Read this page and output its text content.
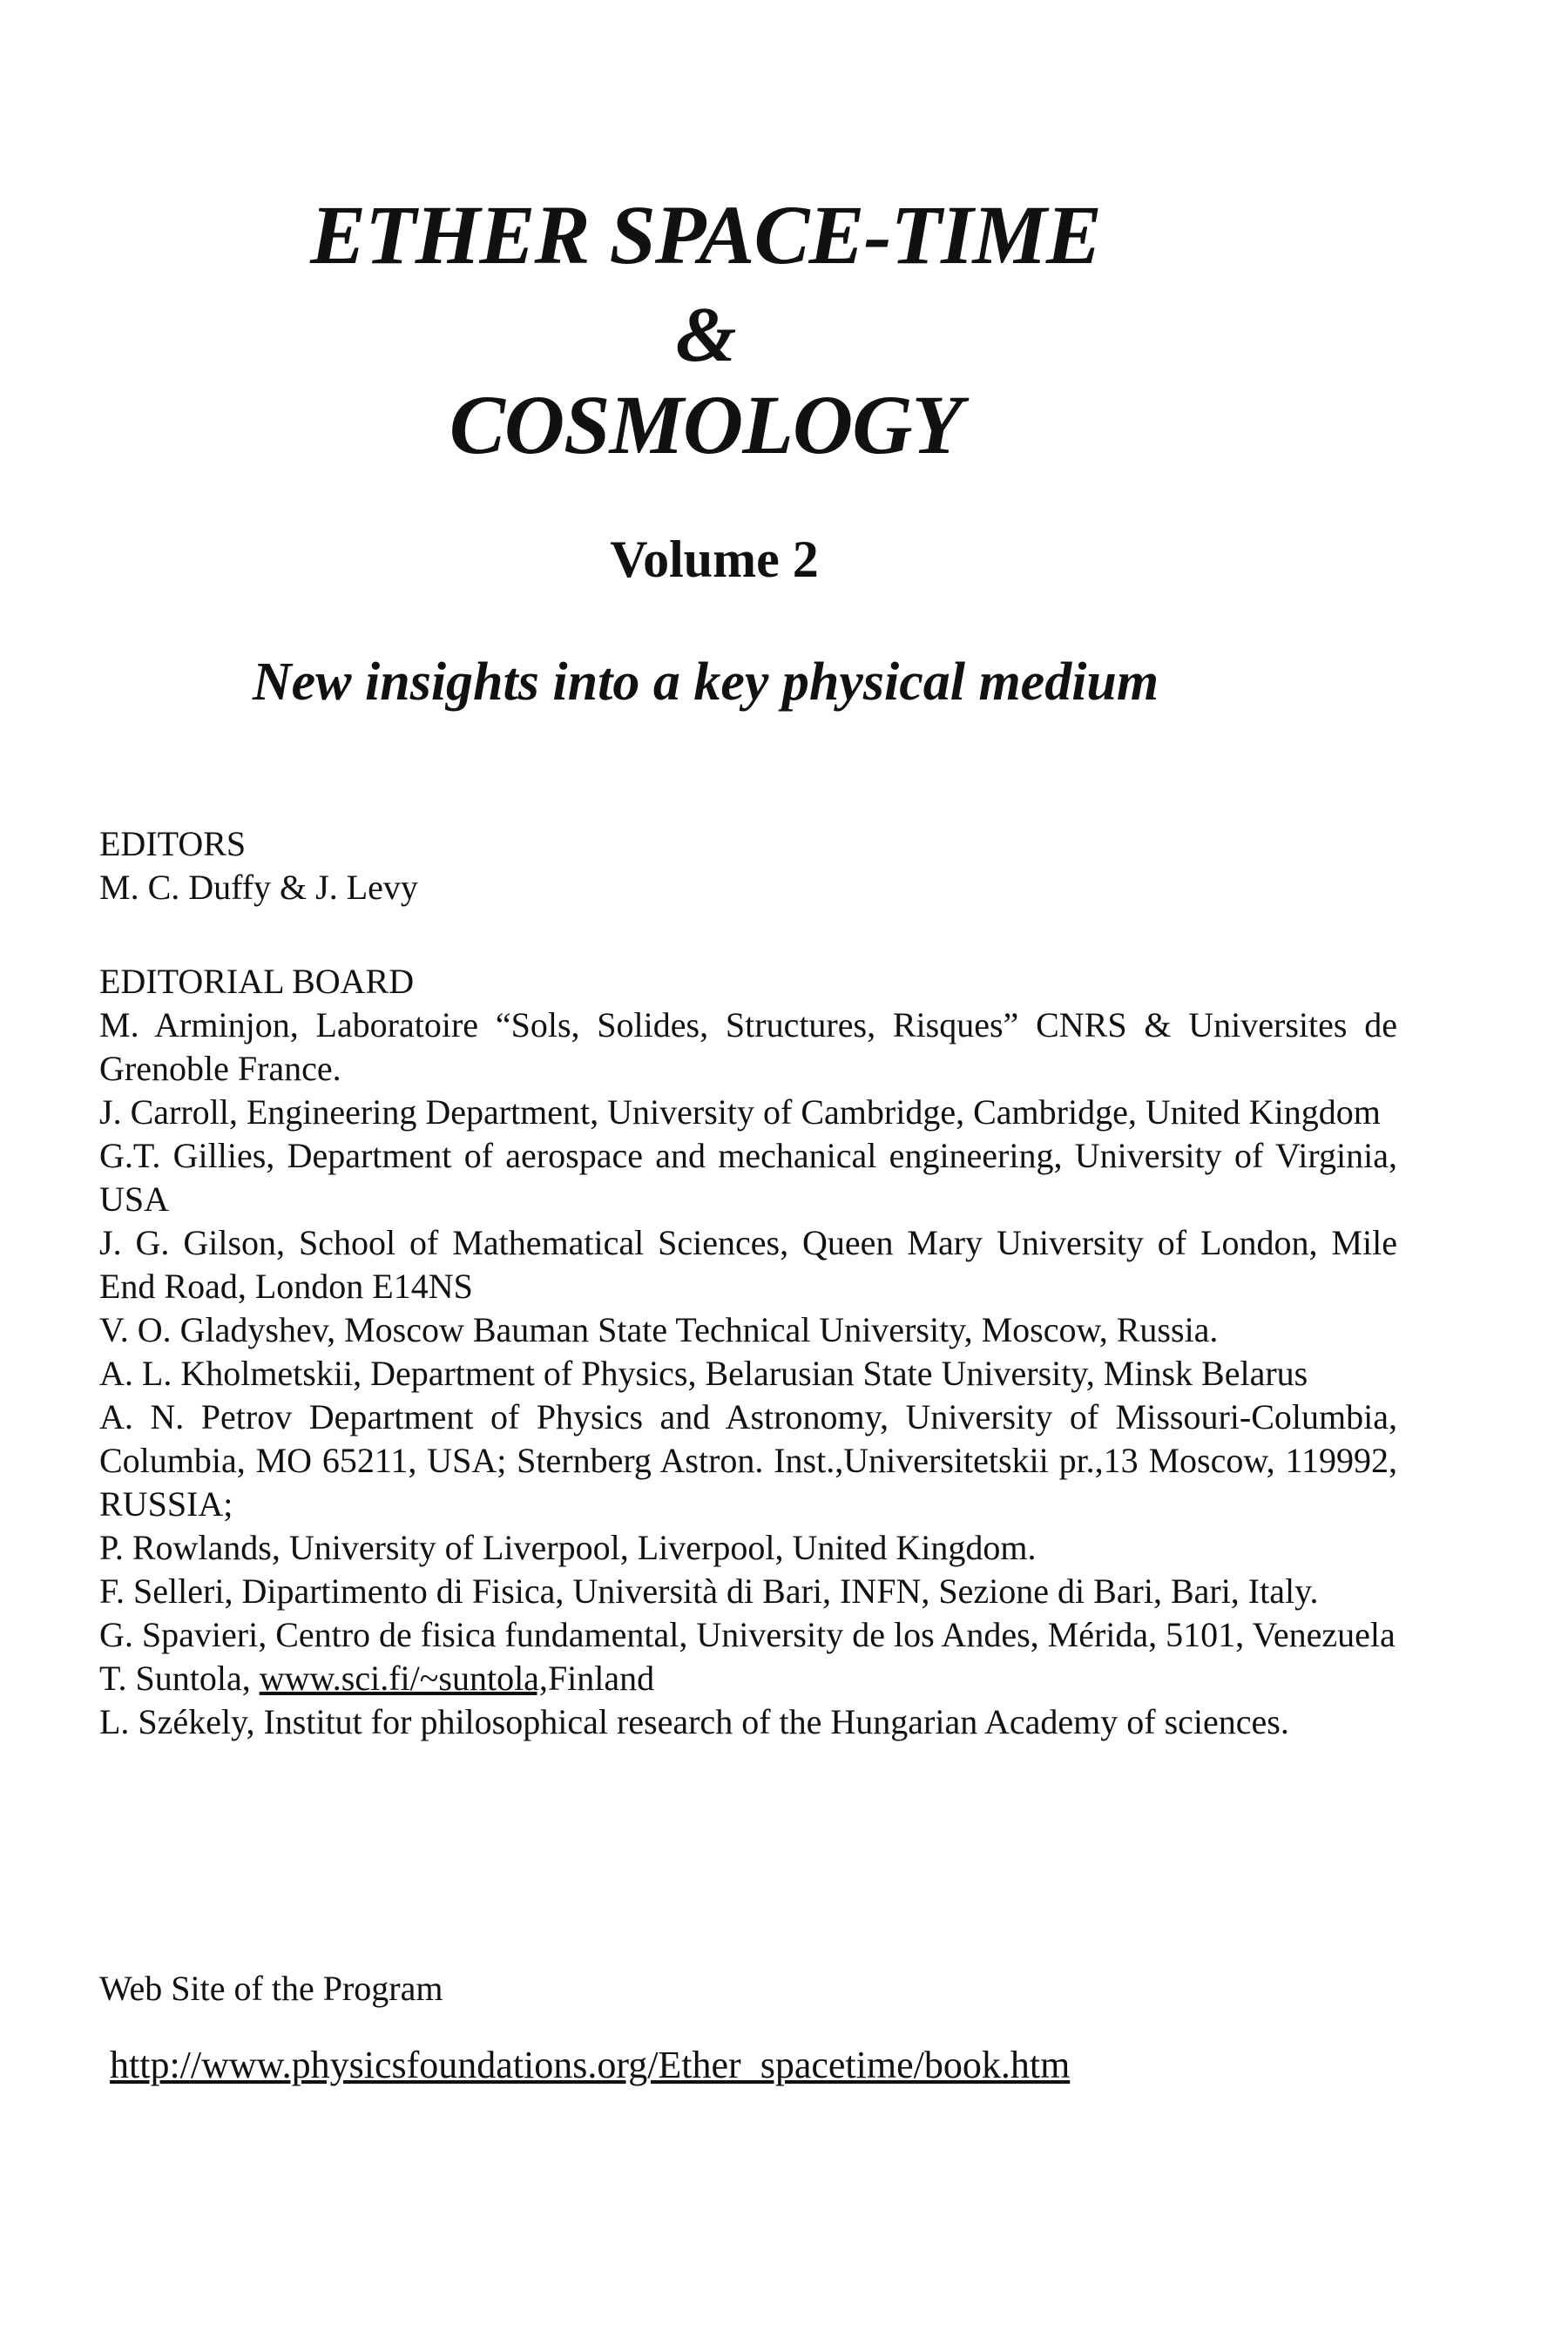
ETHER SPACE-TIME
&
COSMOLOGY
Volume 2
New insights into a key physical medium
EDITORS
M. C. Duffy & J. Levy
EDITORIAL BOARD
M. Arminjon, Laboratoire “Sols, Solides, Structures, Risques” CNRS & Universites de Grenoble France.
J. Carroll, Engineering Department, University of Cambridge, Cambridge, United Kingdom
G.T. Gillies, Department of aerospace and mechanical engineering, University of Virginia, USA
J. G. Gilson, School of Mathematical Sciences, Queen Mary University of London, Mile End Road, London E14NS
V. O. Gladyshev, Moscow Bauman State Technical University, Moscow, Russia.
A. L. Kholmetskii, Department of Physics, Belarusian State University, Minsk Belarus
A. N. Petrov Department of Physics and Astronomy, University of Missouri-Columbia, Columbia, MO 65211, USA; Sternberg Astron. Inst.,Universitetskii pr.,13 Moscow, 119992, RUSSIA;
P. Rowlands, University of Liverpool, Liverpool, United Kingdom.
F. Selleri, Dipartimento di Fisica, Università di Bari, INFN, Sezione di Bari, Bari, Italy.
G. Spavieri, Centro de fisica fundamental, University de los Andes, Mérida, 5101, Venezuela
T. Suntola, www.sci.fi/~suntola,Finland
L. Székely, Institut for philosophical research of the Hungarian Academy of sciences.
Web Site of the Program
http://www.physicsfoundations.org/Ether_spacetime/book.htm
